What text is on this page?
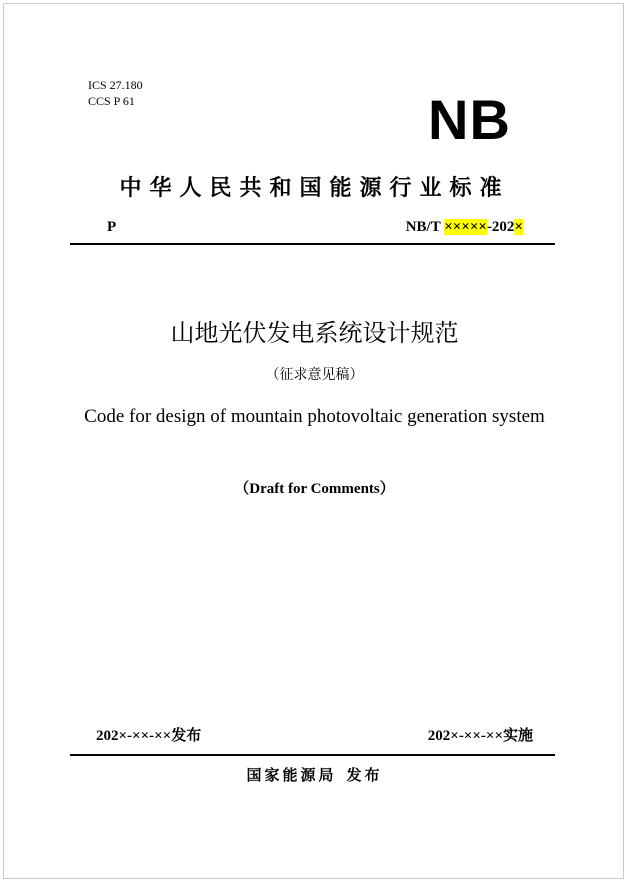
ICS 27.180
CCS P 61	NB
中华人民共和国能源行业标准
P	NB/T ×××××-202×
山地光伏发电系统设计规范
（征求意见稿）
Code for design of mountain photovoltaic generation system
（Draft for Comments）
202×-××-××发布	202×-××-××实施
国家能源局 发布
